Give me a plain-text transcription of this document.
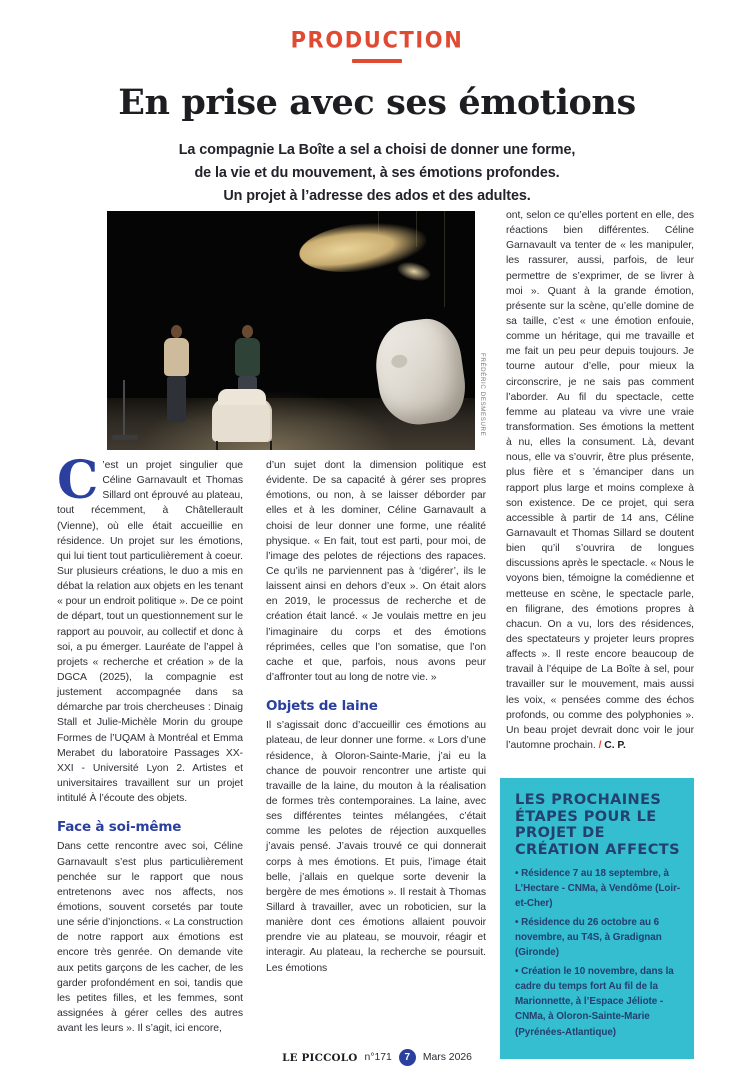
PRODUCTION
En prise avec ses émotions
La compagnie La Boîte a sel a choisi de donner une forme,
de la vie et du mouvement, à ses émotions profondes.
Un projet à l’adresse des ados et des adultes.
FRÉDÉRIC DESMESURE

C ’est un projet singulier que Céline Garnavault et Thomas Sillard ont éprouvé au plateau, tout récemment, à Châtellerault (Vienne), où elle était accueillie en résidence. Un projet sur les émotions, qui lui tient tout particulièrement à coeur. Sur plusieurs créations, le duo a mis en débat la relation aux objets en les tenant « pour un endroit politique ». De ce point de départ, tout un questionnement sur le rapport au pouvoir, au collectif et donc à soi, a pu émerger. Lauréate de l’appel à projets « recherche et création » de la DGCA (2025), la compagnie est justement accompagnée dans sa démarche par trois chercheuses : Dinaig Stall et Julie-Michèle Morin du groupe Formes de l’UQAM à Montréal et Emma Merabet du laboratoire Passages XX-XXI - Université Lyon 2. Artistes et universitaires travaillent sur un projet intitulé À l’écoute des objets.

Face à soi-même

Dans cette rencontre avec soi, Céline Garnavault s’est plus particulièrement penchée sur le rapport que nous entretenons avec nos affects, nos émotions, souvent corsetés par toute une série d’injonctions. « La construction de notre rapport aux émotions est encore très genrée. On demande vite aux petits garçons de les cacher, de les garder profondément en soi, tandis que les petites filles, et les femmes, sont assignées à gérer celles des autres avant les leurs ». Il s’agit, ici encore,

d’un sujet dont la dimension politique est évidente. De sa capacité à gérer ses propres émotions, ou non, à se laisser déborder par elles et à les dominer, Céline Garnavault a choisi de leur donner une forme, une réalité physique. « En fait, tout est parti, pour moi, de l’image des pelotes de réjections des rapaces. Ce qu’ils ne parviennent pas à ‘digérer’, ils le laissent ainsi en dehors d’eux ». On était alors en 2019, le processus de recherche et de création était lancé. « Je voulais mettre en jeu l’imaginaire du corps et des émotions réprimées, celles que l’on somatise, que l’on cache et que, parfois, nous avons peur d’affronter tout au long de notre vie. »

Objets de laine

Il s’agissait donc d’accueillir ces émotions au plateau, de leur donner une forme. « Lors d’une résidence, à Oloron-Sainte-Marie, j’ai eu la chance de pouvoir rencontrer une artiste qui travaille de la laine, du mouton à la réalisation de formes très contemporaines. La laine, avec ses différentes teintes mélangées, c’était comme les pelotes de réjection auxquelles j’avais pensé. J’avais trouvé ce qui donnerait corps à mes émotions. Et puis, l’image était belle, j’allais en quelque sorte devenir la bergère de mes émotions ». Il restait à Thomas Sillard à travailler, avec un roboticien, sur la manière dont ces émotions allaient pouvoir prendre vie au plateau, se mouvoir, réagir et interagir. Au plateau, la recherche se poursuit. Les émotions

ont, selon ce qu’elles portent en elle, des réactions bien différentes. Céline Garnavault va tenter de « les manipuler, les rassurer, aussi, parfois, de leur permettre de s’exprimer, de se livrer à moi ». Quant à la grande émotion, présente sur la scène, qu’elle domine de sa taille, c’est « une émotion enfouie, comme un héritage, qui me travaille et me fait un peu peur depuis toujours. Je tourne autour d’elle, pour mieux la circonscrire, je ne sais pas comment l’aborder. Au fil du spectacle, cette femme au plateau va vivre une vraie transformation. Ses émotions la mettent à nu, elles la consument. Là, devant nous, elle va s’ouvrir, être plus présente, plus fière et s ’émanciper dans un rapport plus large et moins complexe à son existence. De ce projet, qui sera accessible à partir de 14 ans, Céline Garnavault et Thomas Sillard se doutent bien qu’il s’ouvrira de longues discussions après le spectacle. « Nous le voyons bien, témoigne la comédienne et metteuse en scène, le spectacle parle, en filigrane, des émotions propres à chacun. On a vu, lors des résidences, des spectateurs y projeter leurs propres affects ». Il reste encore beaucoup de travail à l’équipe de La Boîte à sel, pour travailler sur le mouvement, mais aussi les voix, « pensées comme des échos profonds, ou comme des polyphonies ». Un beau projet devrait donc voir le jour l’automne prochain. / C. P.

LES PROCHAINES ÉTAPES POUR LE PROJET DE CRÉATION AFFECTS
• Résidence 7 au 18 septembre, à L’Hectare - CNMa, à Vendôme (Loir-et-Cher)
• Résidence du 26 octobre au 6 novembre, au T4S, à Gradignan (Gironde)
• Création le 10 novembre, dans la cadre du temps fort Au fil de la Marionnette, à l’Espace Jéliote - CNMa, à Oloron-Sainte-Marie (Pyrénées-Atlantique)
LE PICCOLO n°171	7	Mars 2026
